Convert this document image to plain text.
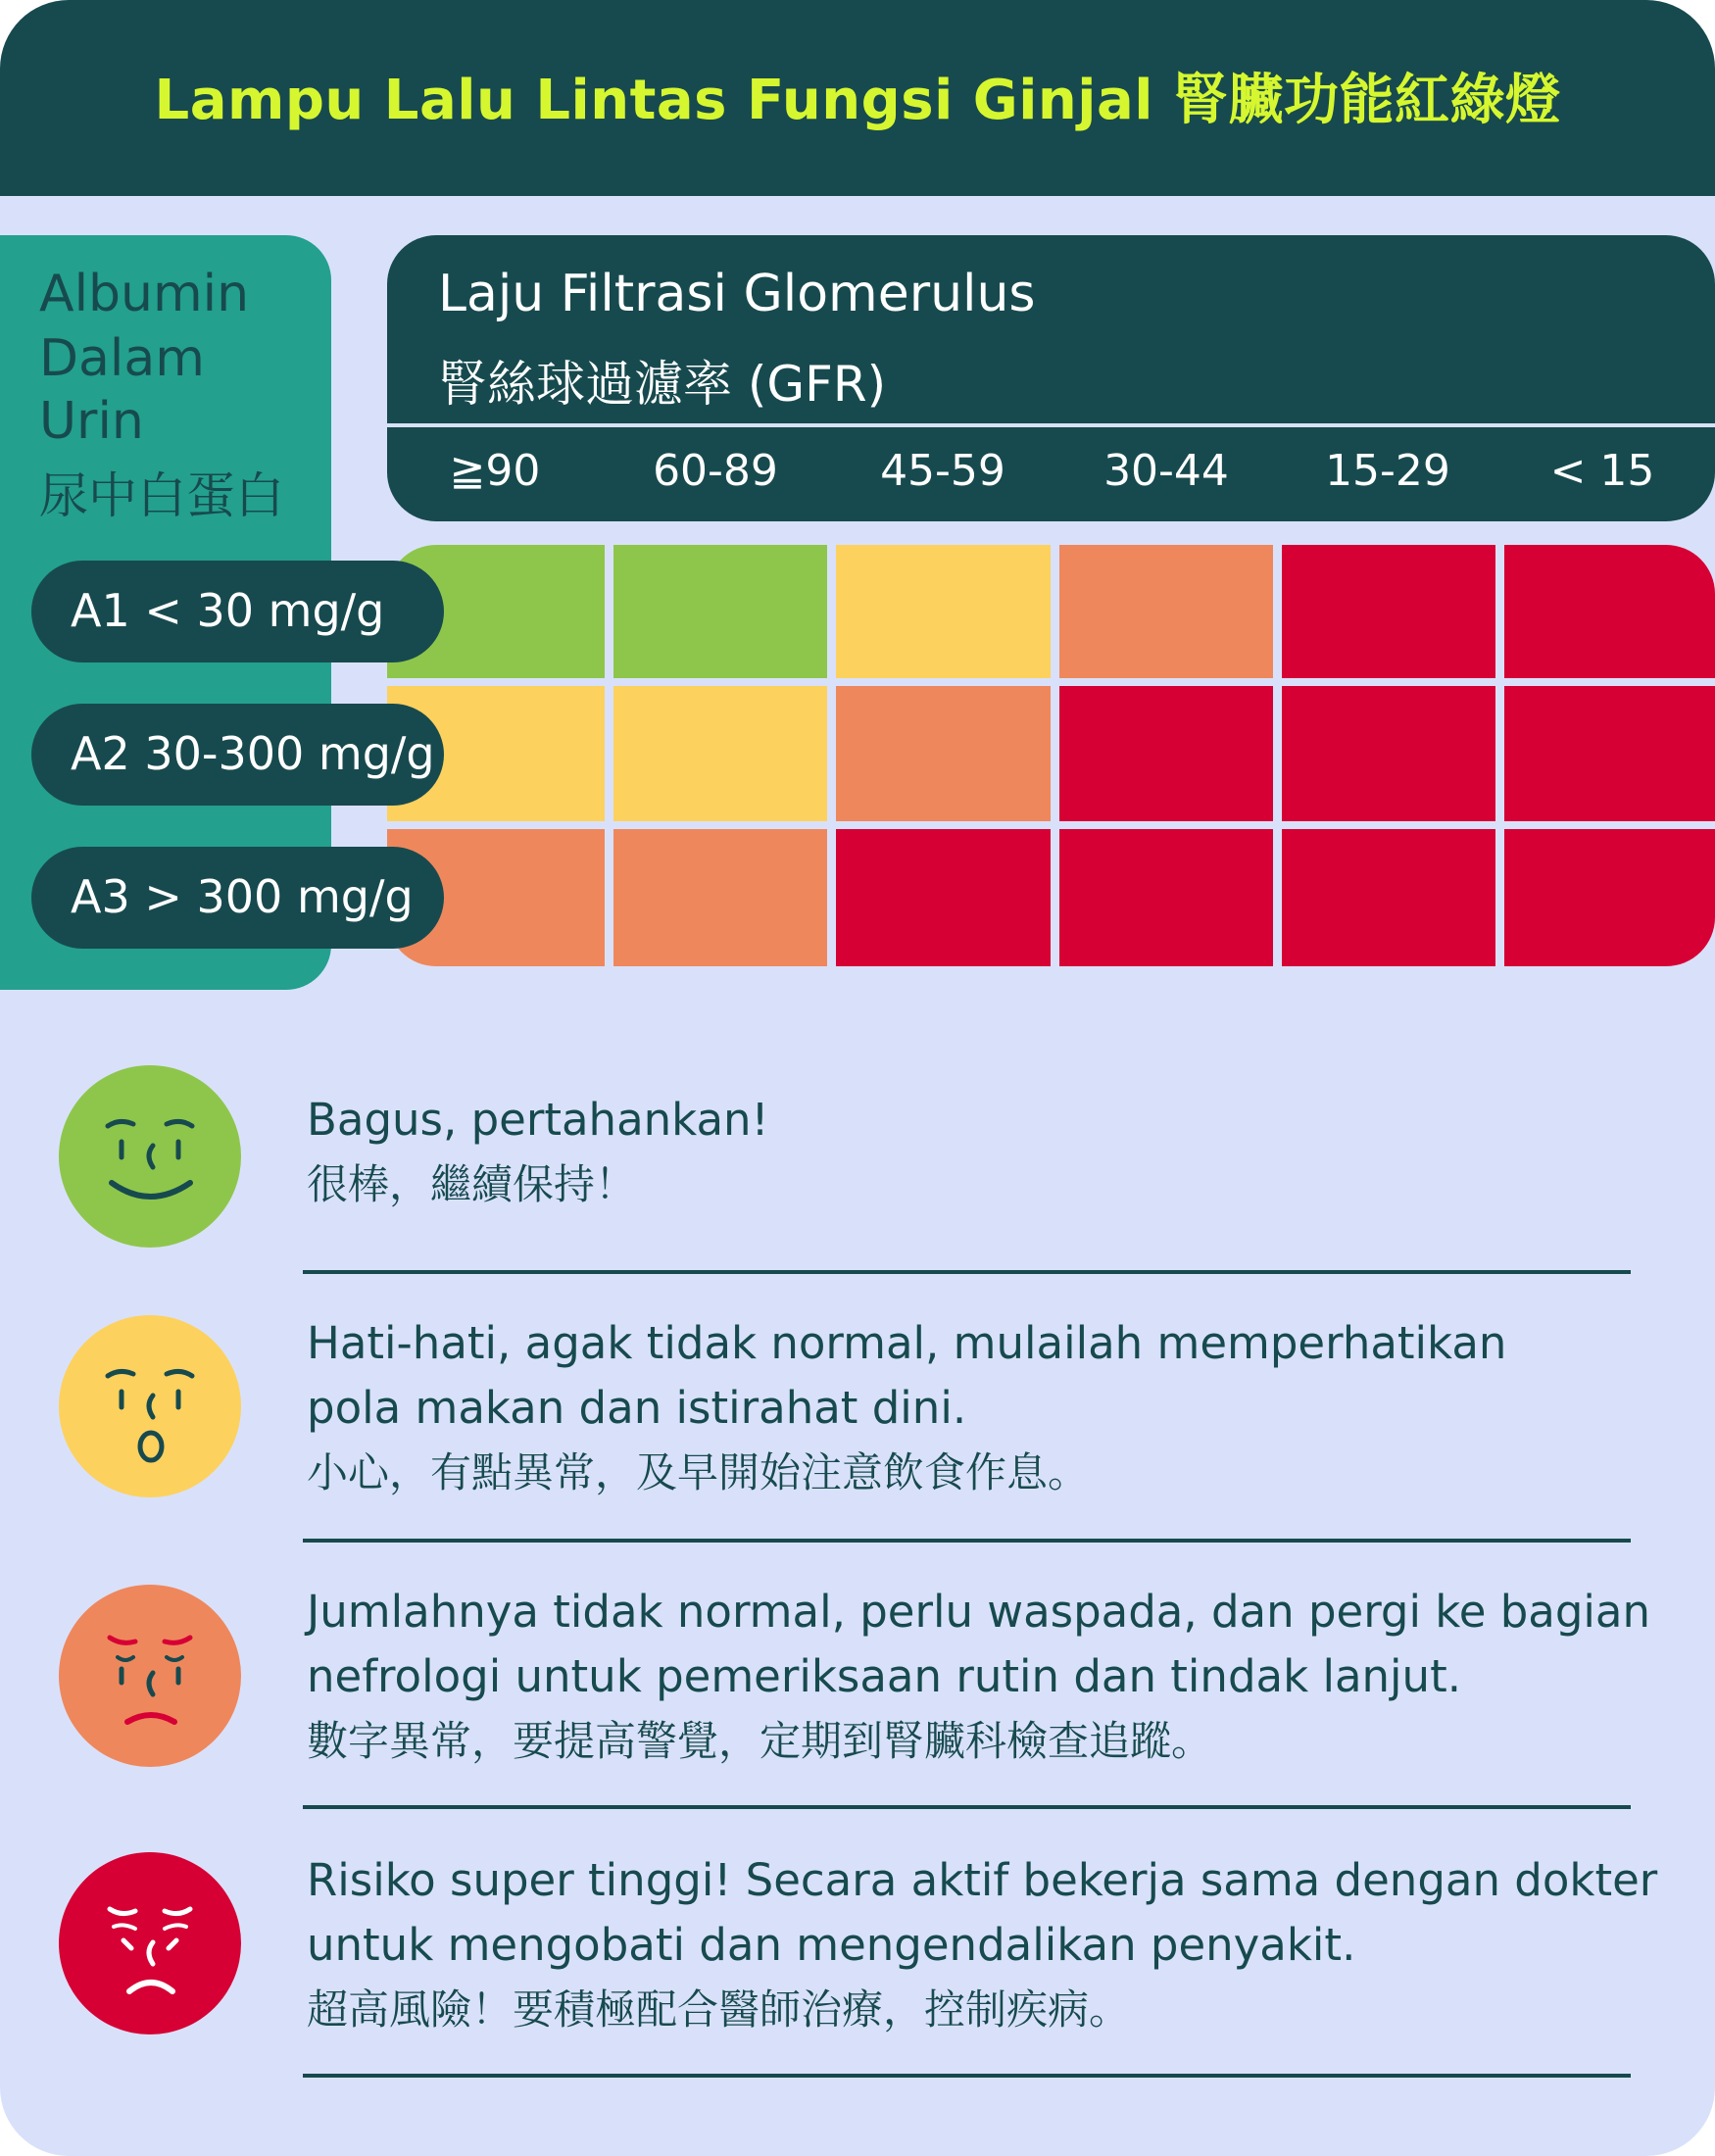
Lampu Lalu Lintas Fungsi Ginjal 腎臟功能紅綠燈
Albumin
Dalam
Urin
尿中白蛋白
Laju Filtrasi Glomerulus
腎絲球過濾率 (GFR)
≧90	60-89	45-59	30-44	15-29	< 15
A1 < 30 mg/g
A2 30-300 mg/g
A3 > 300 mg/g
Bagus, pertahankan!
很棒，繼續保持！
Hati-hati, agak tidak normal, mulailah memperhatikan
pola makan dan istirahat dini.
小心，有點異常，及早開始注意飲食作息。
Jumlahnya tidak normal, perlu waspada, dan pergi ke bagian
nefrologi untuk pemeriksaan rutin dan tindak lanjut.
數字異常，要提高警覺，定期到腎臟科檢查追蹤。
Risiko super tinggi! Secara aktif bekerja sama dengan dokter
untuk mengobati dan mengendalikan penyakit.
超高風險！要積極配合醫師治療，控制疾病。
